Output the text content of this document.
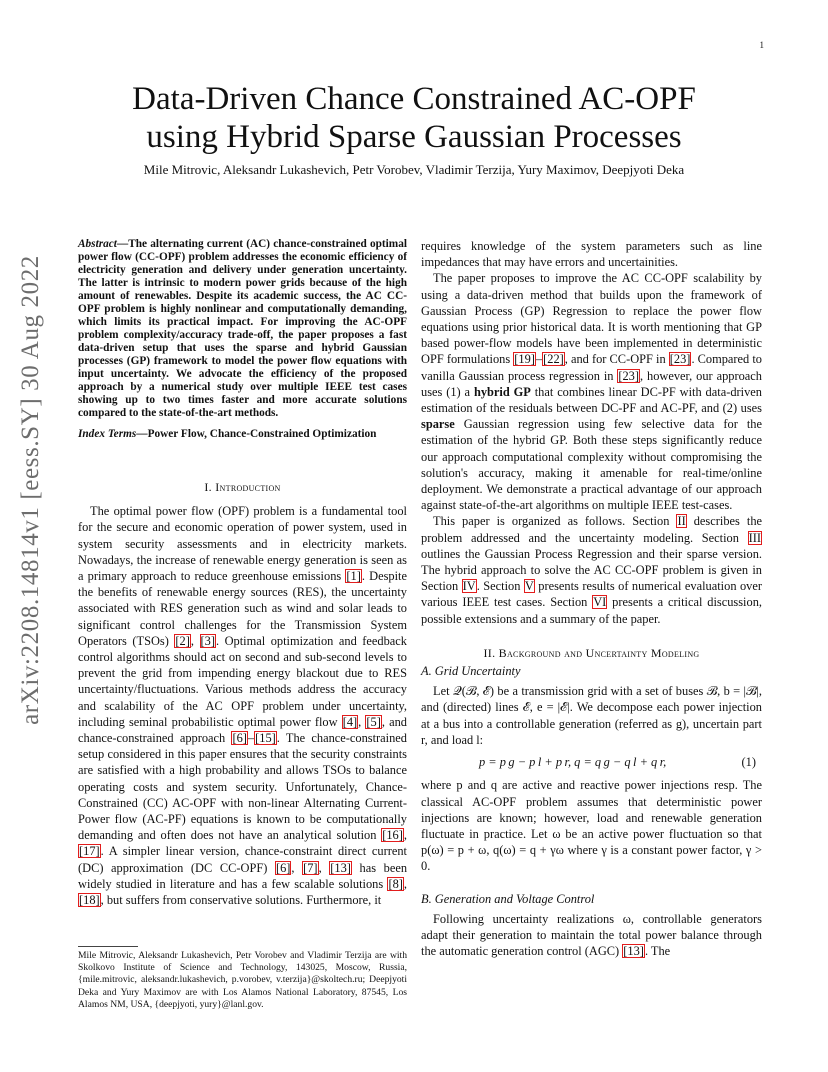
1
arXiv:2208.14814v1 [eess.SY] 30 Aug 2022
Data-Driven Chance Constrained AC-OPF
using Hybrid Sparse Gaussian Processes
Mile Mitrovic, Aleksandr Lukashevich, Petr Vorobev, Vladimir Terzija, Yury Maximov, Deepjyoti Deka
Abstract—The alternating current (AC) chance-constrained optimal power flow (CC-OPF) problem addresses the economic efficiency of electricity generation and delivery under generation uncertainty. The latter is intrinsic to modern power grids because of the high amount of renewables. Despite its academic success, the AC CC-OPF problem is highly nonlinear and computationally demanding, which limits its practical impact. For improving the AC-OPF problem complexity/accuracy trade-off, the paper proposes a fast data-driven setup that uses the sparse and hybrid Gaussian processes (GP) framework to model the power flow equations with input uncertainty. We advocate the efficiency of the proposed approach by a numerical study over multiple IEEE test cases showing up to two times faster and more accurate solutions compared to the state-of-the-art methods.
Index Terms—Power Flow, Chance-Constrained Optimization
I. Introduction

The optimal power flow (OPF) problem is a fundamental tool for the secure and economic operation of power system, used in system security assessments and in electricity markets. Nowadays, the increase of renewable energy generation is seen as a primary approach to reduce greenhouse emissions [1]. Despite the benefits of renewable energy sources (RES), the uncertainty associated with RES generation such as wind and solar leads to significant control challenges for the Transmission System Operators (TSOs) [2], [3]. Optimal optimization and feedback control algorithms should act on second and sub-second levels to prevent the grid from impending energy blackout due to RES uncertainty/fluctuations. Various methods address the accuracy and scalability of the AC OPF problem under uncertainty, including seminal probabilistic optimal power flow [4], [5], and chance-constrained approach [6]–[15]. The chance-constrained setup considered in this paper ensures that the security constraints are satisfied with a high probability and allows TSOs to balance operating costs and system security. Unfortunately, Chance-Constrained (CC) AC-OPF with non-linear Alternating Current-Power flow (AC-PF) equations is known to be computationally demanding and often does not have an analytical solution [16], [17]. A simpler linear version, chance-constraint direct current (DC) approximation (DC CC-OPF) [6], [7], [13] has been widely studied in literature and has a few scalable solutions [8], [18], but suffers from conservative solutions. Furthermore, it

Mile Mitrovic, Aleksandr Lukashevich, Petr Vorobev and Vladimir Terzija are with Skolkovo Institute of Science and Technology, 143025, Moscow, Russia, {mile.mitrovic, aleksandr.lukashevich, p.vorobev, v.terzija}@skoltech.ru; Deepjyoti Deka and Yury Maximov are with Los Alamos National Laboratory, 87545, Los Alamos NM, USA, {deepjyoti, yury}@lanl.gov.

requires knowledge of the system parameters such as line impedances that may have errors and uncertainities.

The paper proposes to improve the AC CC-OPF scalability by using a data-driven method that builds upon the framework of Gaussian Process (GP) Regression to replace the power flow equations using prior historical data. It is worth mentioning that GP based power-flow models have been implemented in deterministic OPF formulations [19]–[22], and for CC-OPF in [23]. Compared to vanilla Gaussian process regression in [23], however, our approach uses (1) a hybrid GP that combines linear DC-PF with data-driven estimation of the residuals between DC-PF and AC-PF, and (2) uses sparse Gaussian regression using few selective data for the estimation of the hybrid GP. Both these steps significantly reduce our approach computational complexity without compromising the solution's accuracy, making it amenable for real-time/online deployment. We demonstrate a practical advantage of our approach against state-of-the-art algorithms on multiple IEEE test-cases.

This paper is organized as follows. Section II describes the problem addressed and the uncertainty modeling. Section III outlines the Gaussian Process Regression and their sparse version. The hybrid approach to solve the AC CC-OPF problem is given in Section IV. Section V presents results of numerical evaluation over various IEEE test cases. Section VI presents a critical discussion, possible extensions and a summary of the paper.

II. Background and Uncertainty Modeling
A. Grid Uncertainty

Let 𝒬(ℬ, ℰ) be a transmission grid with a set of buses ℬ, b = |ℬ|, and (directed) lines ℰ, e = |ℰ|. We decompose each power injection at a bus into a controllable generation (referred as g), uncertain part r, and load l:

p = p g − p l + p r, q = q g − q l + q r,	(1)

where p and q are active and reactive power injections resp. The classical AC-OPF problem assumes that deterministic power injections are known; however, load and renewable generation fluctuate in practice. Let ω be an active power fluctuation so that p(ω) = p + ω, q(ω) = q + γω where γ is a constant power factor, γ > 0.

B. Generation and Voltage Control

Following uncertainty realizations ω, controllable generators adapt their generation to maintain the total power balance through the automatic generation control (AGC) [13]. The
